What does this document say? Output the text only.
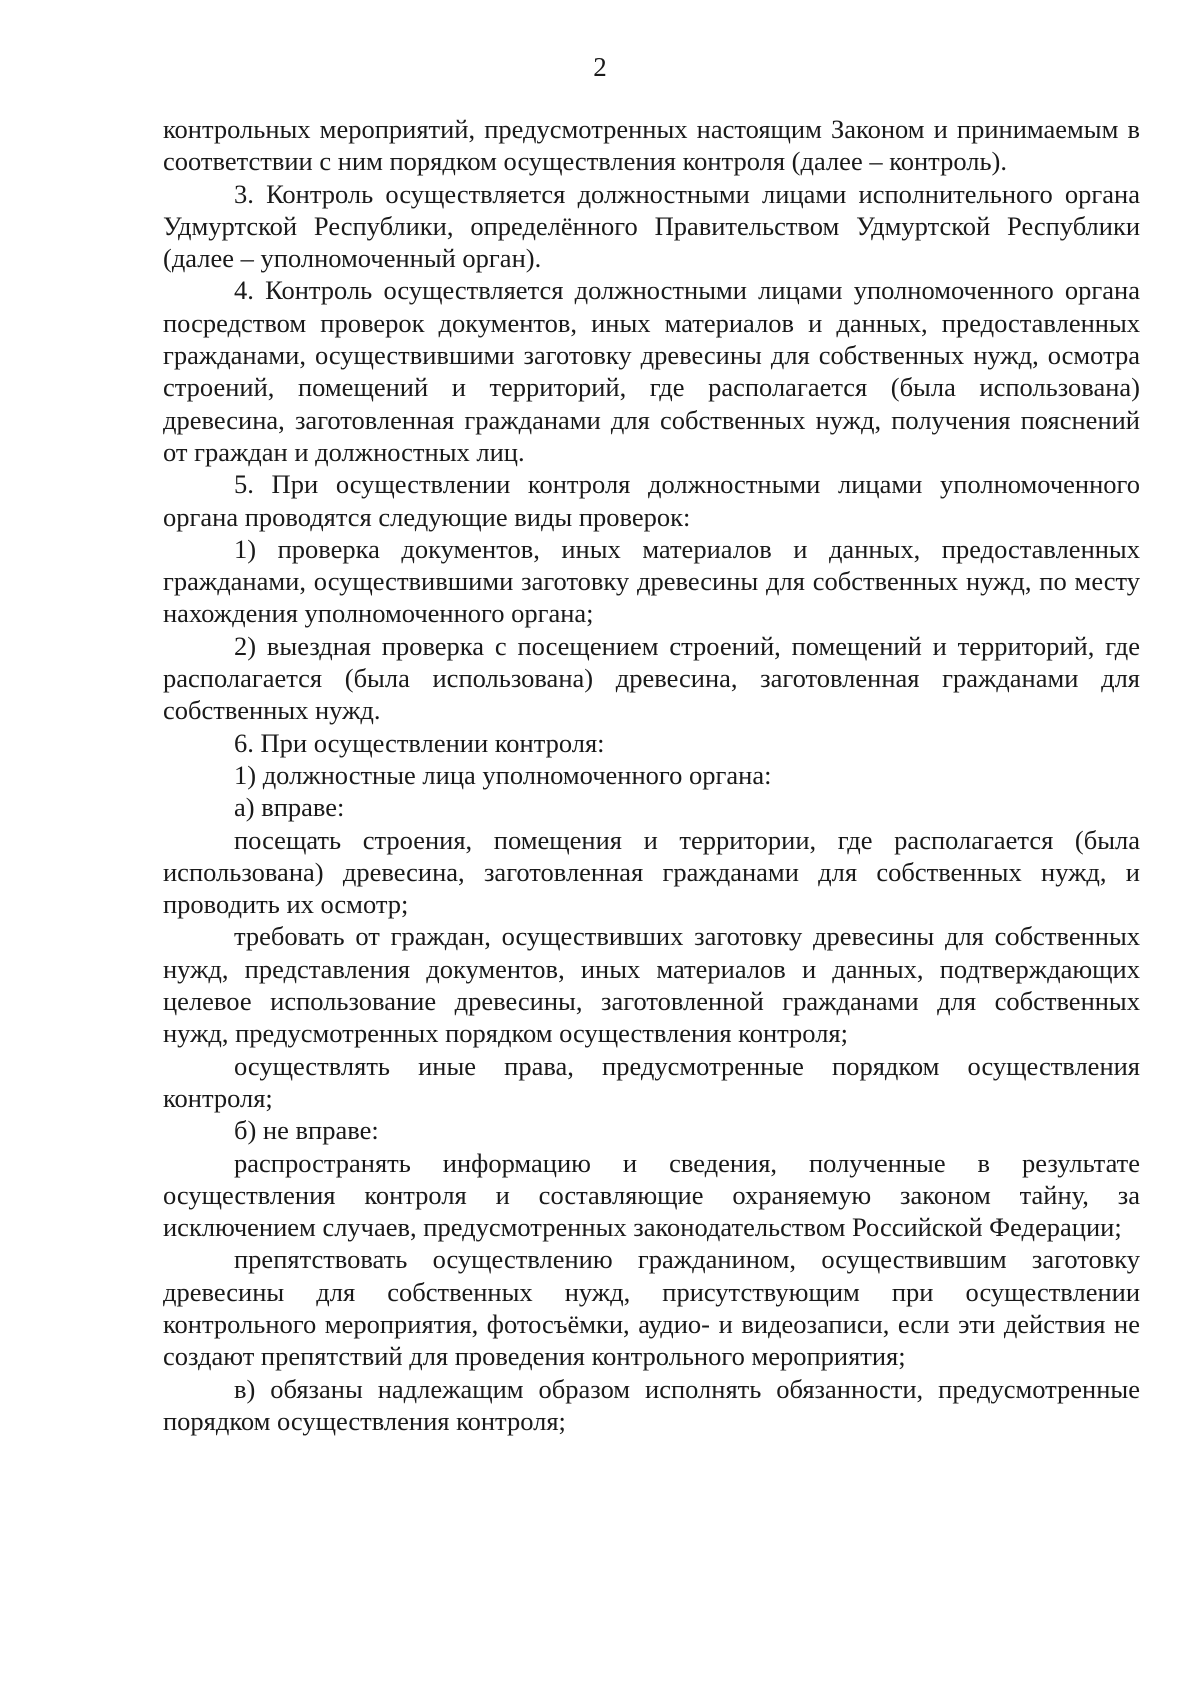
2

контрольных мероприятий, предусмотренных настоящим Законом и принимаемым в соответствии с ним порядком осуществления контроля (далее – контроль).

3. Контроль осуществляется должностными лицами исполнительного органа Удмуртской Республики, определённого Правительством Удмуртской Республики (далее – уполномоченный орган).

4. Контроль осуществляется должностными лицами уполномоченного органа посредством проверок документов, иных материалов и данных, предоставленных гражданами, осуществившими заготовку древесины для собственных нужд, осмотра строений, помещений и территорий, где располагается (была использована) древесина, заготовленная гражданами для собственных нужд, получения пояснений от граждан и должностных лиц.

5. При осуществлении контроля должностными лицами уполномоченного органа проводятся следующие виды проверок:

1) проверка документов, иных материалов и данных, предоставленных гражданами, осуществившими заготовку древесины для собственных нужд, по месту нахождения уполномоченного органа;

2) выездная проверка с посещением строений, помещений и территорий, где располагается (была использована) древесина, заготовленная гражданами для собственных нужд.

6. При осуществлении контроля:

1) должностные лица уполномоченного органа:

а) вправе:

посещать строения, помещения и территории, где располагается (была использована) древесина, заготовленная гражданами для собственных нужд, и проводить их осмотр;

требовать от граждан, осуществивших заготовку древесины для собственных нужд, представления документов, иных материалов и данных, подтверждающих целевое использование древесины, заготовленной гражданами для собственных нужд, предусмотренных порядком осуществления контроля;

осуществлять иные права, предусмотренные порядком осуществления контроля;

б) не вправе:

распространять информацию и сведения, полученные в результате осуществления контроля и составляющие охраняемую законом тайну, за исключением случаев, предусмотренных законодательством Российской Федерации;

препятствовать осуществлению гражданином, осуществившим заготовку древесины для собственных нужд, присутствующим при осуществлении контрольного мероприятия, фотосъёмки, аудио- и видеозаписи, если эти действия не создают препятствий для проведения контрольного мероприятия;

в) обязаны надлежащим образом исполнять обязанности, предусмотренные порядком осуществления контроля;
